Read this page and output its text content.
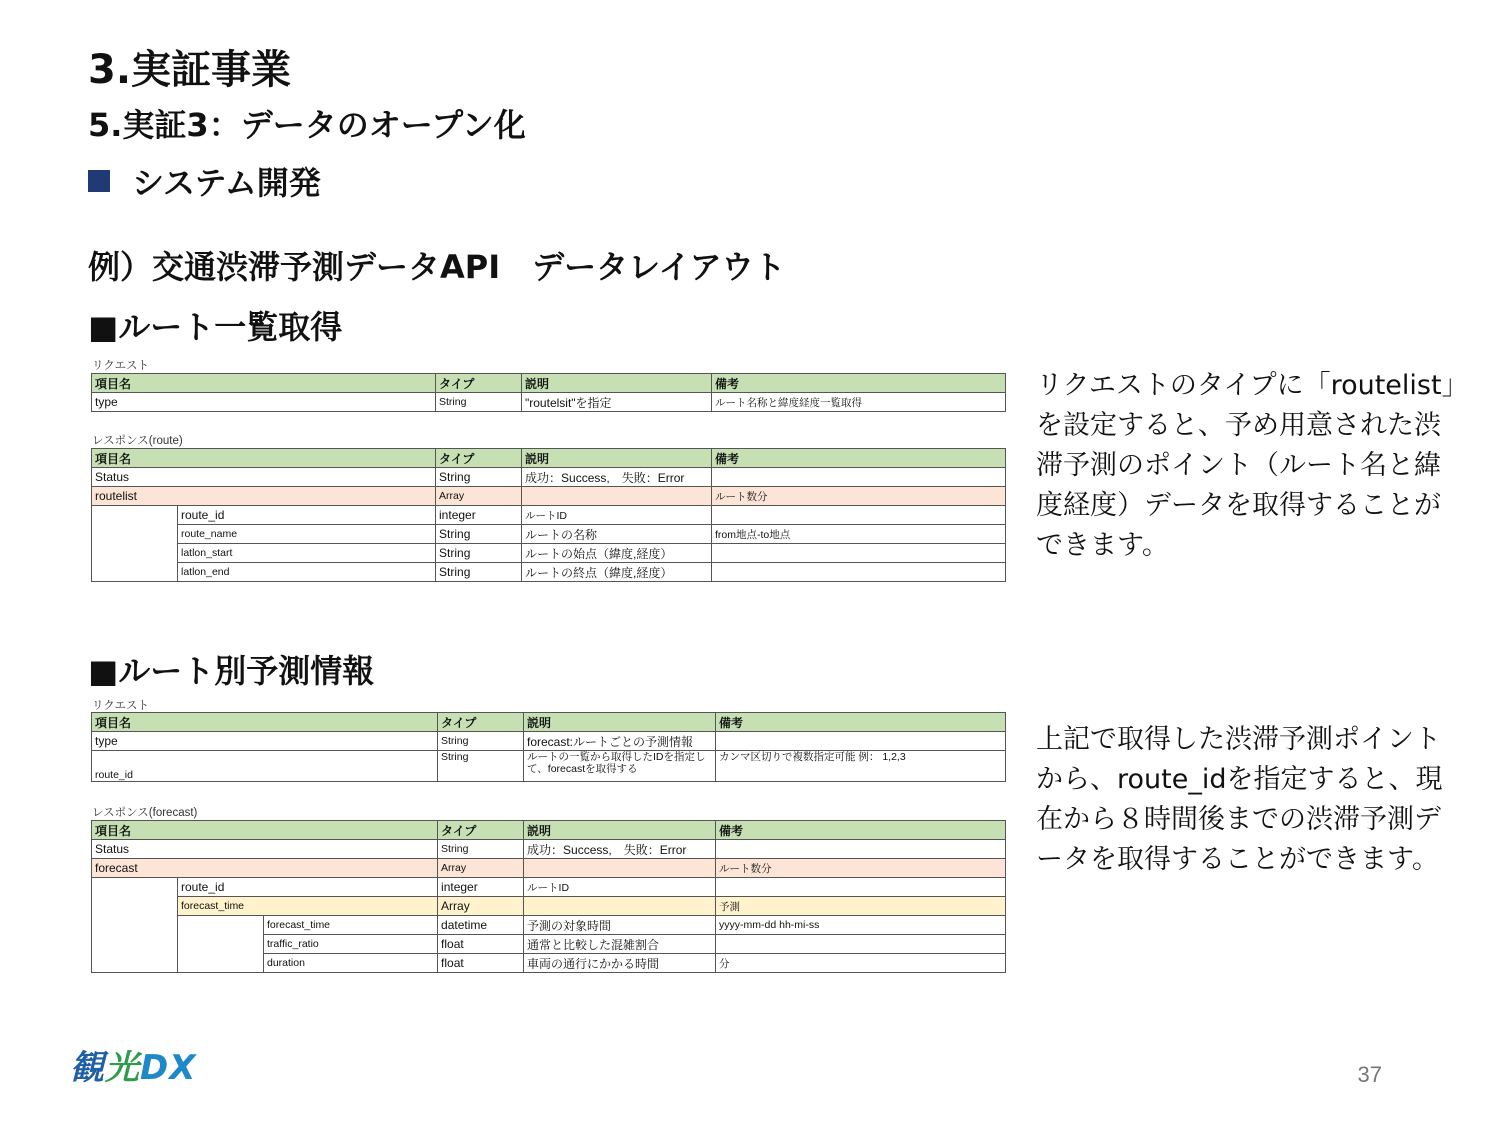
3.実証事業
5.実証3：データのオープン化
システム開発
例）交通渋滞予測データAPI　データレイアウト
■ルート一覧取得
リクエスト
項目名	タイプ	説明	備考
type	String	"routelsit"を指定	ルート名称と緯度経度一覧取得
レスポンス(route)
項目名		タイプ	説明	備考
Status		String	成功：Success,　失敗：Error	
routelist		Array		ルート数分
	route_id	integer	ルートID	
	route_name	String	ルートの名称	from地点-to地点
	latlon_start	String	ルートの始点（緯度,経度）	
	latlon_end	String	ルートの終点（緯度,経度）	
リクエストのタイプに「routelist」を設定すると、予め用意された渋滞予測のポイント（ルート名と緯度経度）データを取得することができます。
■ルート別予測情報
リクエスト
項目名	タイプ	説明	備考
type	String	forecast:ルートごとの予測情報	
route_id	String	ルートの一覧から取得したIDを指定して、forecastを取得する	カンマ区切りで複数指定可能 例： 1,2,3
レスポンス(forecast)
項目名			タイプ	説明	備考
Status			String	成功：Success,　失敗：Error	
forecast			Array		ルート数分
	route_id		integer	ルートID	
	forecast_time		Array		予測
		forecast_time	datetime	予測の対象時間	yyyy-mm-dd hh-mi-ss
		traffic_ratio	float	通常と比較した混雑割合	
		duration	float	車両の通行にかかる時間	分
上記で取得した渋滞予測ポイントから、route_idを指定すると、現在から８時間後までの渋滞予測データを取得することができます。
観光DX	37
